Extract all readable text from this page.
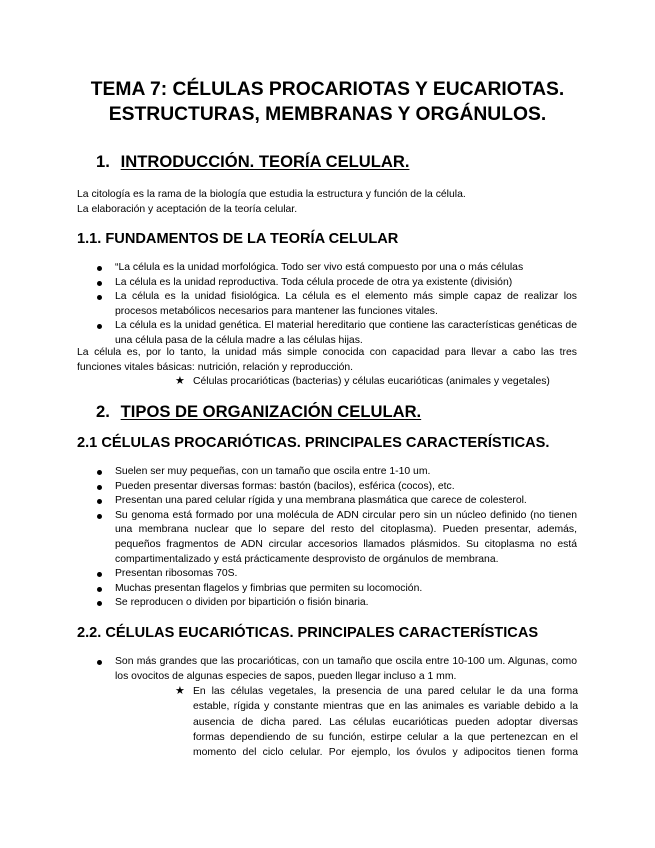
TEMA 7: CÉLULAS PROCARIOTAS Y EUCARIOTAS.
ESTRUCTURAS, MEMBRANAS Y ORGÁNULOS.
1. INTRODUCCIÓN. TEORÍA CELULAR.
La citología es la rama de la biología que estudia la estructura y función de la célula.
La elaboración y aceptación de la teoría celular.
1.1. FUNDAMENTOS DE LA TEORÍA CELULAR
“La célula es la unidad morfológica. Todo ser vivo está compuesto por una o más células
La célula es la unidad reproductiva. Toda célula procede de otra ya existente (división)
La célula es la unidad fisiológica. La célula es el elemento más simple capaz de realizar los procesos metabólicos necesarios para mantener las funciones vitales.
La célula es la unidad genética. El material hereditario que contiene las características genéticas de una célula pasa de la célula madre a las células hijas.
La célula es, por lo tanto, la unidad más simple conocida con capacidad para llevar a cabo las tres funciones vitales básicas: nutrición, relación y reproducción.
★ Células procarióticas (bacterias) y células eucarióticas (animales y vegetales)
2. TIPOS DE ORGANIZACIÓN CELULAR.
2.1 CÉLULAS PROCARIÓTICAS. PRINCIPALES CARACTERÍSTICAS.
Suelen ser muy pequeñas, con un tamaño que oscila entre 1-10 um.
Pueden presentar diversas formas: bastón (bacilos), esférica (cocos), etc.
Presentan una pared celular rígida y una membrana plasmática que carece de colesterol.
Su genoma está formado por una molécula de ADN circular pero sin un núcleo definido (no tienen una membrana nuclear que lo separe del resto del citoplasma). Pueden presentar, además, pequeños fragmentos de ADN circular accesorios llamados plásmidos. Su citoplasma no está compartimentalizado y está prácticamente desprovisto de orgánulos de membrana.
Presentan ribosomas 70S.
Muchas presentan flagelos y fimbrias que permiten su locomoción.
Se reproducen o dividen por bipartición o fisión binaria.
2.2. CÉLULAS EUCARIÓTICAS. PRINCIPALES CARACTERÍSTICAS
Son más grandes que las procarióticas, con un tamaño que oscila entre 10-100 um. Algunas, como los ovocitos de algunas especies de sapos, pueden llegar incluso a 1 mm.
★ En las células vegetales, la presencia de una pared celular le da una forma
estable, rígida y constante mientras que en las animales es variable debido a la
ausencia de dicha pared. Las células eucarióticas pueden adoptar diversas
formas dependiendo de su función, estirpe celular a la que pertenezcan en el
momento del ciclo celular. Por ejemplo, los óvulos y adipocitos tienen forma
